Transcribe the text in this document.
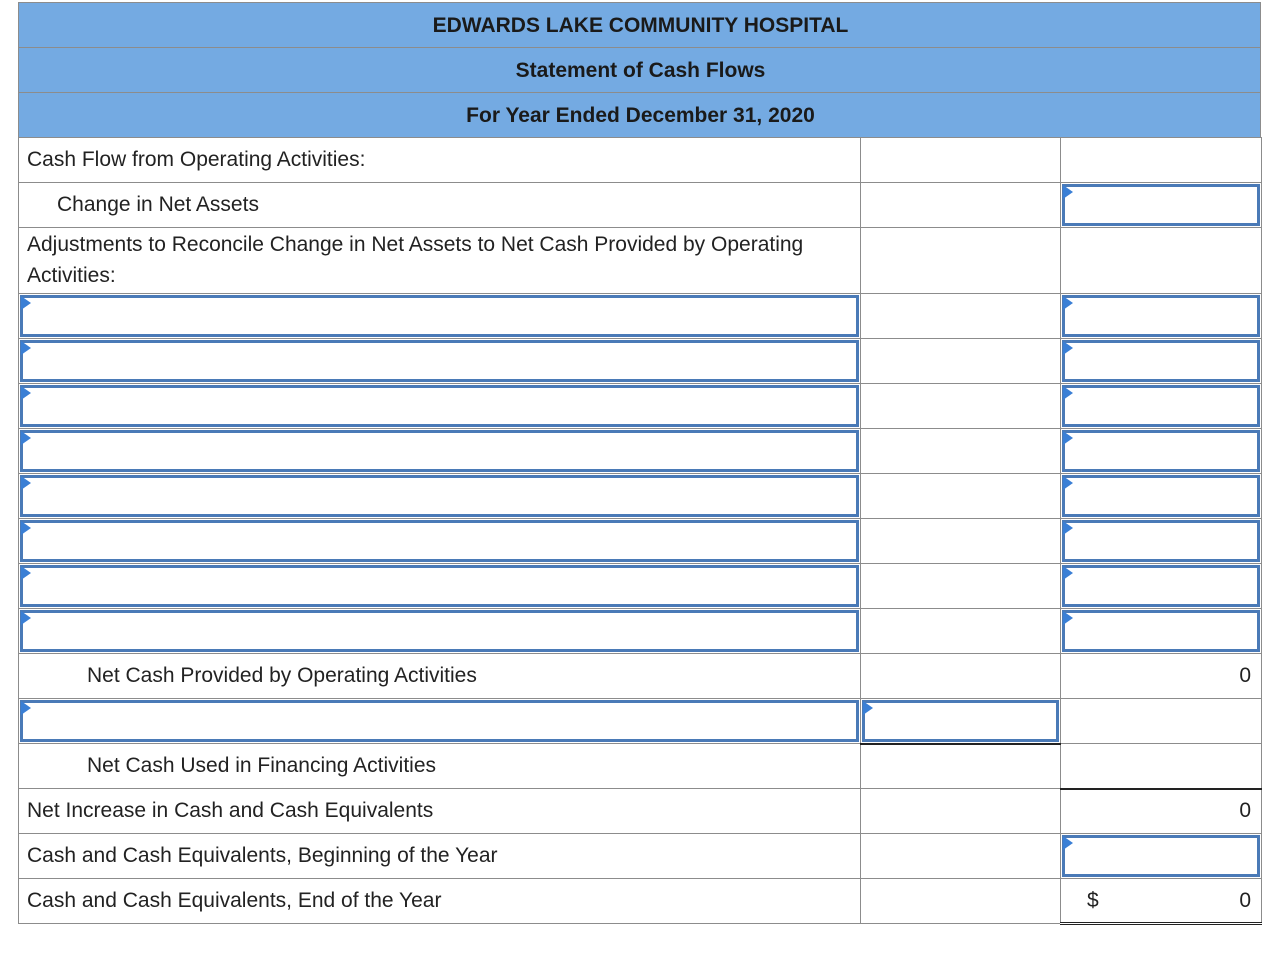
EDWARDS LAKE COMMUNITY HOSPITAL
Statement of Cash Flows
For Year Ended December 31, 2020
Cash Flow from Operating Activities:		
Change in Net Assets		

Adjustments to Reconcile Change in Net Assets to Net Cash Provided by Operating Activities:		

Net Cash Provided by Operating Activities		0

Net Cash Used in Financing Activities		
Net Increase in Cash and Cash Equivalents		0
Cash and Cash Equivalents, Beginning of the Year		

Cash and Cash Equivalents, End of the Year		$ 0
